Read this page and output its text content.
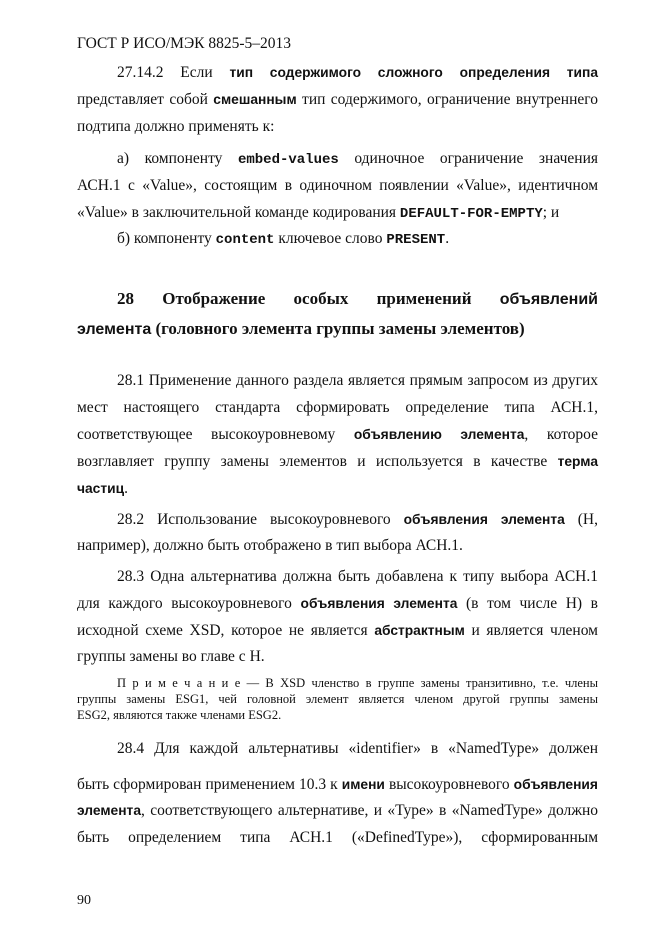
ГОСТ Р ИСО/МЭК 8825-5–2013
27.14.2 Если тип содержимого сложного определения типа
представляет собой смешанным тип содержимого, ограничение внутреннего
подтипа должно применять к:
а) компоненту embed-values одиночное ограничение значения
АСН.1 с «Value», состоящим в одиночном появлении «Value», идентичном
«Value» в заключительной команде кодирования DEFAULT-FOR-EMPTY; и
б) компоненту content ключевое слово PRESENT.
28 Отображение особых применений объявлений
элемента (головного элемента группы замены элементов)
28.1 Применение данного раздела является прямым запросом из других
мест настоящего стандарта сформировать определение типа АСН.1,
соответствующее высокоуровневому объявлению элемента, которое
возглавляет группу замены элементов и используется в качестве терма
частиц.
28.2 Использование высокоуровневого объявления элемента (Н,
например), должно быть отображено в тип выбора АСН.1.
28.3 Одна альтернатива должна быть добавлена к типу выбора АСН.1
для каждого высокоуровневого объявления элемента (в том числе Н) в
исходной схеме XSD, которое не является абстрактным и является членом
группы замены во главе с Н.
П р и м е ч а н и е — В XSD членство в группе замены транзитивно, т.е. члены
группы замены ESG1, чей головной элемент является членом другой группы замены
ESG2, являются также членами ESG2.
28.4 Для каждой альтернативы «identifier» в «NamedType» должен
быть сформирован применением 10.3 к имени высокоуровневого объявления
элемента, соответствующего альтернативе, и «Type» в «NamedType» должно
быть определением типа АСН.1 («DefinedType»), сформированным
90
